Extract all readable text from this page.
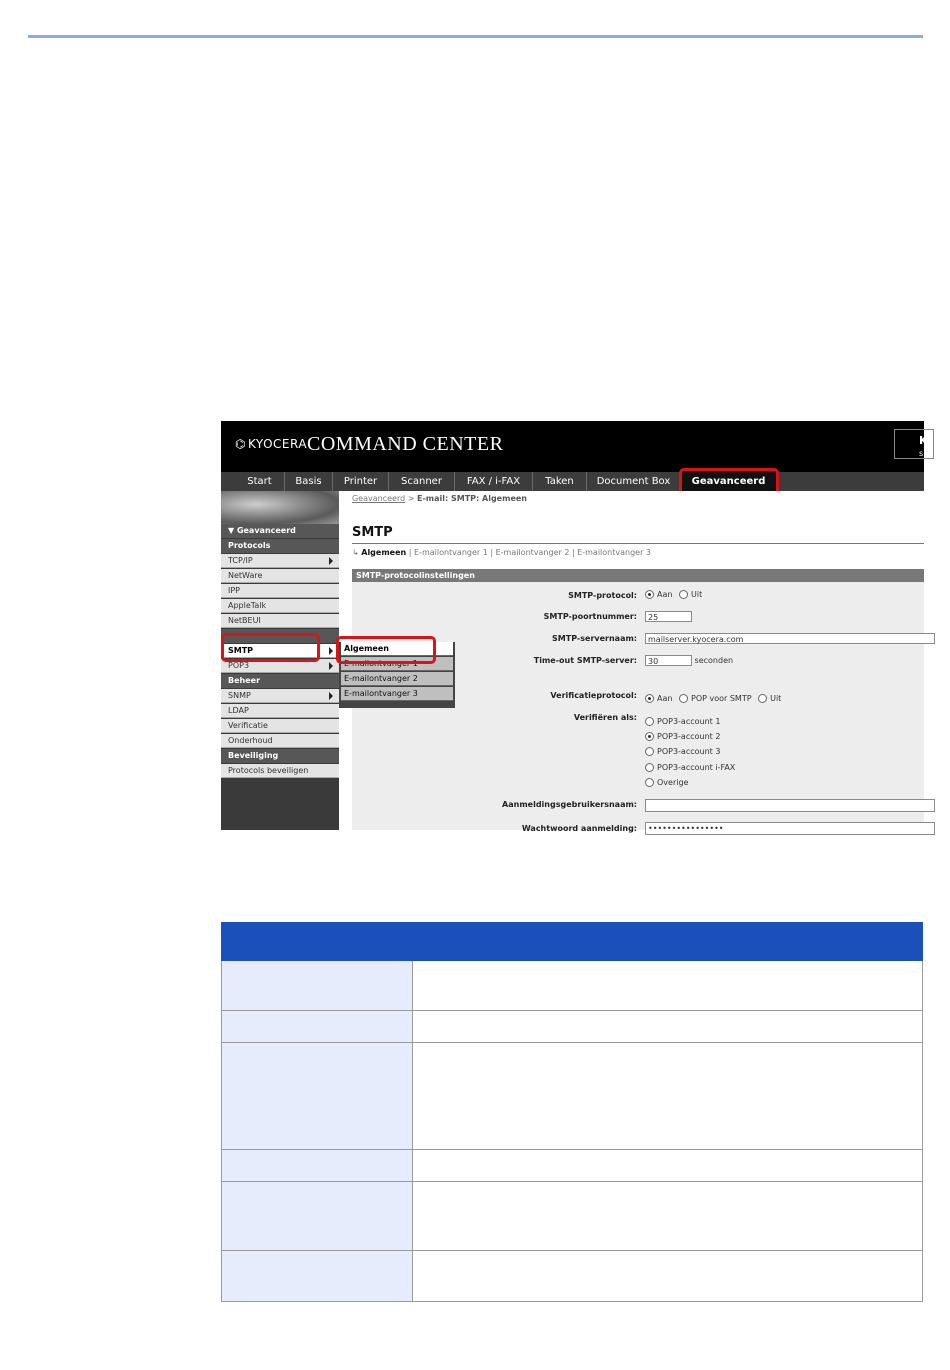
⌬ KYOCERA COMMAND CENTER	K
s
Start	Basis	Printer	Scanner	FAX / i-FAX	Taken	Document Box	Geavanceerd
▼ Geavanceerd
Protocols
TCP/IP
NetWare
IPP
AppleTalk
NetBEUI
SMTP
POP3
Beheer
SNMP
LDAP
Verificatie
Onderhoud
Beveiliging
Protocols beveiligen
Geavanceerd > E-mail: SMTP: Algemeen
SMTP
↳ Algemeen | E-mailontvanger 1 | E-mailontvanger 2 | E-mailontvanger 3
SMTP-protocolinstellingen
SMTP-protocol:	Aan Uit
SMTP-poortnummer:	25
SMTP-servernaam:	mailserver.kyocera.com
Time-out SMTP-server:	30	seconden
Verificatieprotocol:	Aan POP voor SMTP Uit
Verifiëren als:	POP3-account 1
POP3-account 2
POP3-account 3
POP3-account i-FAX
Overige
Aanmeldingsgebruikersnaam:
Wachtwoord aanmelding:	••••••••••••••••
Algemeen
E-mailontvanger 1
E-mailontvanger 2
E-mailontvanger 3
